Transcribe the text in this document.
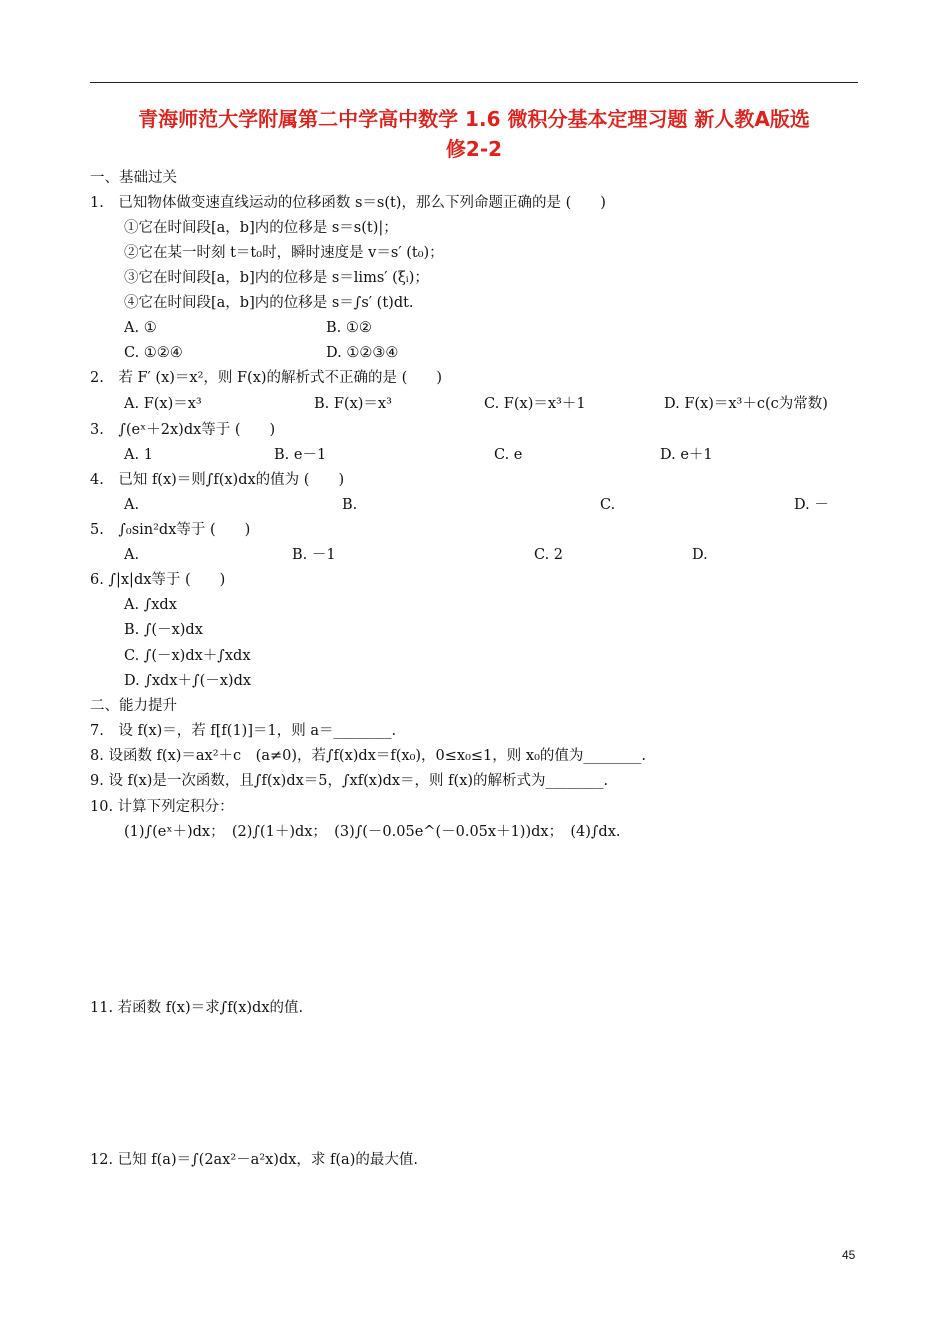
青海师范大学附属第二中学高中数学 1.6 微积分基本定理习题 新人教A版选
修2-2
一、基础过关
1.　已知物体做变速直线运动的位移函数 s＝s(t)，那么下列命题正确的是 (　　)
①它在时间段[a，b]内的位移是 s＝s(t)|；
②它在某一时刻 t＝t₀时，瞬时速度是 v＝s′ (t₀)；
③它在时间段[a，b]内的位移是 s＝lims′ (ξᵢ)；
④它在时间段[a，b]内的位移是 s＝∫s′ (t)dt.
A. ①	B. ①②
C. ①②④	D. ①②③④
2.　若 F′ (x)＝x²，则 F(x)的解析式不正确的是 (　　)
A. F(x)＝x³	B. F(x)＝x³	C. F(x)＝x³＋1	D. F(x)＝x³＋c(c为常数)
3.　∫(eˣ＋2x)dx等于 (　　)
A. 1	B. e－1	C. e	D. e＋1
4.　已知 f(x)＝则∫f(x)dx的值为 (　　)
A.	B.	C.	D. －
5.　∫₀sin²dx等于 (　　)
A.	B. －1	C. 2	D.
6. ∫|x|dx等于 (　　)
A. ∫xdx
B. ∫(－x)dx
C. ∫(－x)dx＋∫xdx
D. ∫xdx＋∫(－x)dx
二、能力提升
7.　设 f(x)＝，若 f[f(1)]＝1，则 a＝________.
8. 设函数 f(x)＝ax²＋c　(a≠0)，若∫f(x)dx＝f(x₀)，0≤x₀≤1，则 x₀的值为________.
9. 设 f(x)是一次函数，且∫f(x)dx＝5，∫xf(x)dx＝，则 f(x)的解析式为________.
10. 计算下列定积分：
(1)∫(eˣ＋)dx；　(2)∫(1＋)dx；　(3)∫(－0.05e^(－0.05x＋1))dx；　(4)∫dx.
11. 若函数 f(x)＝求∫f(x)dx的值.
12. 已知 f(a)＝∫(2ax²－a²x)dx，求 f(a)的最大值.
45
